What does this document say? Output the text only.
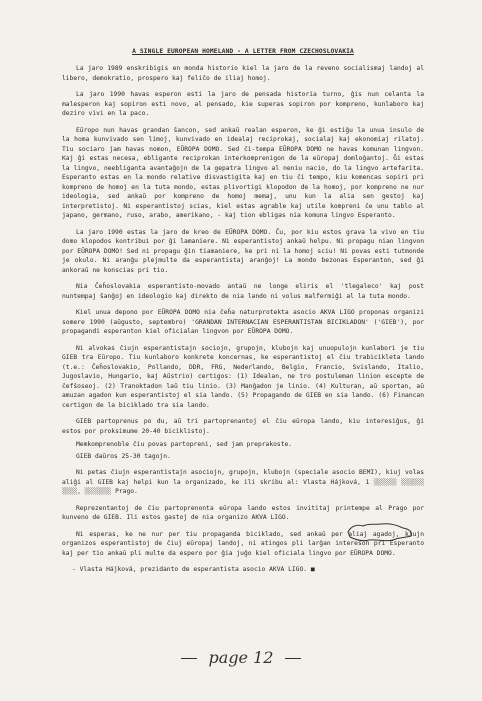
A SINGLE EUROPEAN HOMELAND - A LETTER FROM CZECHOSLOVAKIA

La jaro 1989 enskribigis en monda historio kiel la jaro de la reveno socialismaj landoj al libero, demokratio, prospero kaj feliĉo de iliaj homoj.

La jaro 1990 havas esperon esti la jaro de pensada historia turno, ĝis nun celanta la malesperon kaj sopiron esti novo, al pensado, kie superas sopiron por kompreno, kunlaboro kaj deziro vivi en la paco.

Eŭropo nun havas grandan ŝancon, sed ankaŭ realan esperon, ke ĝi estiĝu la unua insulo de la homa kunvivado sen limoj, kunvivado en idealaj reciprokaj, socialaj kaj ekonomiaj rilatoj. Tiu sociaro jam havas nomon, EŬROPA DOMO. Sed ĉi-tempa EŬROPA DOMO ne havas komunan lingvon. Kaj ĝi estas necesa, ebligante reciprokan interkomprenigon de la eŭropaj domloĝantoj. Ĝi estas la lingvo, neebliganta avantaĝojn de la gepatra lingvo al neniu nacio, do la lingvo artefarita. Esperanto estas en la mondo relative disvastigita kaj en tiu ĉi tempo, kiu komencas sopiri pri kompreno de homoj en la tuta mondo, estas plivortigi klopodon de la homoj, por kompreno ne nur ideologia, sed ankaŭ por kompreno de homoj memaj, unu kun la alia sen gestoj kaj interpretistoj. Ni esperantistoj scias, kiel estas agrable kaj utile kompreni ĉe unu tablo al japano, germano, ruso, arabo, amerikano, - kaj tion ebligas nia komuna lingvo Esperanto.

La jaro 1990 estas la jaro de kreo de EŬROPA DOMO. Ĉu, por kiu estos grava la vivo en tiu domo klopodos kontribui por ĝi lamaniere. Ni esperantistoj ankaŭ helpu. Ni propagu nian lingvon por EŬROPA DOMO! Sed ni propagu ĝin tiamaniere, ke pri ni la homoj sciu! Ni povas esti tutmonde je okulo. Ni aranĝu plejmulte da esperantistaj aranĝoj! La mondo bezonas Esperanton, sed ĝi ankoraŭ ne konscias pri tio.

Nia Ĉeĥoslovakia esperantisto-movado antaŭ ne longe eliris el 'tlegaleco' kaj post nuntempaj ŝanĝoj en ideologio kaj direkto de nia lando ni volus malfermiĝi al la tuta mondo.

Kiel unua depono por EŬROPA DOMO nia ĉeĥa naturprotekta asocio AKVA LIGO proponas organizi somere 1990 (aŭgusto, septembro) 'GRANDAN INTERNACIAN ESPERANTISTAN BICIKLADON' ('GIEB'), por propagandi esperanton kiel oficialan lingvon por EŬROPA DOMO.

Ni alvokas ĉiujn esperantistajn sociojn, grupojn, klubojn kaj unuopulojn kunlabori je tiu GIEB tra Eŭropo. Tiu kunlaboro konkrete koncernas, ke esperantistoj el ĉiu trabicikleta lando (t.e.: Ĉeĥoslovakio, Pollando, DDR, FRG, Nederlando, Belgio, Francio, Svislando, Italio, Jugoslavio, Hungario, kaj Aŭstrio) certigos: (1) Idealan, ne tro postulеman linion escepte de ĉefŝoseoj. (2) Tranoktadon laŭ tiu linio. (3) Manĝadon je linio. (4) Kulturan, aŭ sportan, aŭ amuzan agadon kun esperantistoj el sia lando. (5) Propagando de GIEB en sia lando. (6) Financan certigon de la bicikladо tra sia lando.

GIEB partoprenus po du, aŭ tri partoprenantoj el ĉiu eŭropa lando, kiu interesiĝus, ĝi estos por proksimume 20-40 biciklistoj.

Memkomprenoble ĉiu povas partopreni, sed jam preprakoste.

GIEB daŭros 25-30 tagojn.

Ni petas ĉiujn esperantistajn asociojn, grupojn, klubojn (speciale asocio BEMI), kiuj volas aliĝi al GIEB kaj helpi kun la organizado, ke ili skribu al: Vlasta Hájková, 1 ░░░░░░ ░░░░░░ ░░░░, ░░░░░░░ Prago.

Reprezentantoj de ĉiu partoprenonta eŭropa lando estos invititaj printempe al Prago por kunveno de GIEB. Ili estos gastoj de nia organizo AKVA LIGO.

Ni esperas, ke ne nur per tiu propaganda biciklado, sed ankaŭ per aliaj agadoj, kiujn organizos esperantistoj de ĉiuj eŭropaj landoj, ni atingos pli larĝan intereson pri Esperanto kaj per tio ankaŭ pli multe da espero por ĝia juĝo kiel oficiala lingvo por EŬROPA DOMO.

- Vlasta Hájková, prezidanto de esperantista asocio AKVA LIGO. ■

page 12
